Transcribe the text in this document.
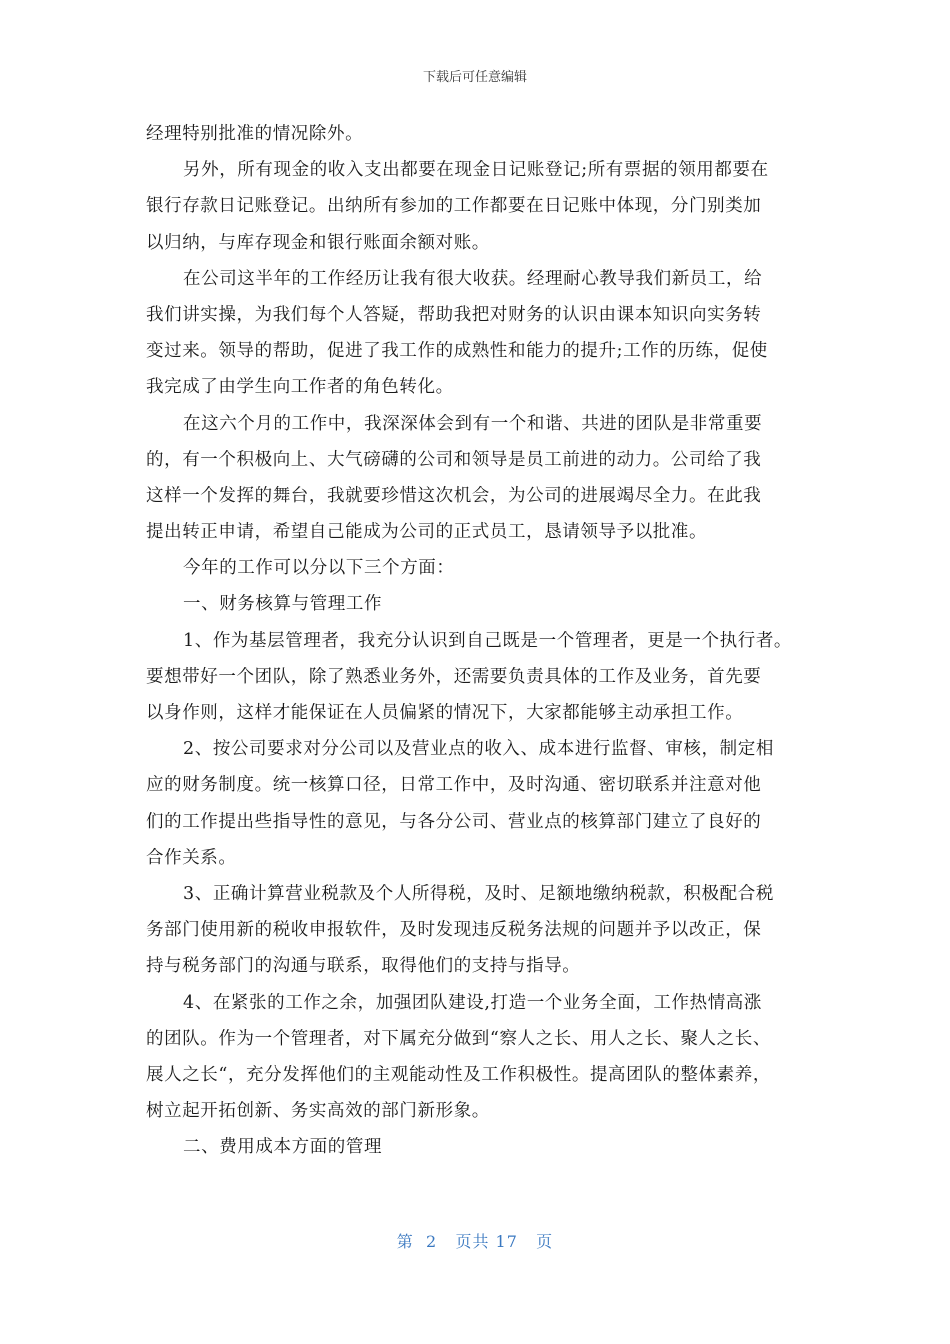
下载后可任意编辑
经理特别批准的情况除外。
另外，所有现金的收入支出都要在现金日记账登记;所有票据的领用都要在
银行存款日记账登记。出纳所有参加的工作都要在日记账中体现，分门别类加
以归纳，与库存现金和银行账面余额对账。
在公司这半年的工作经历让我有很大收获。经理耐心教导我们新员工，给
我们讲实操，为我们每个人答疑，帮助我把对财务的认识由课本知识向实务转
变过来。领导的帮助，促进了我工作的成熟性和能力的提升;工作的历练，促使
我完成了由学生向工作者的角色转化。
在这六个月的工作中，我深深体会到有一个和谐、共进的团队是非常重要
的，有一个积极向上、大气磅礴的公司和领导是员工前进的动力。公司给了我
这样一个发挥的舞台，我就要珍惜这次机会，为公司的进展竭尽全力。在此我
提出转正申请，希望自己能成为公司的正式员工，恳请领导予以批准。
今年的工作可以分以下三个方面：
一、财务核算与管理工作
1、作为基层管理者，我充分认识到自己既是一个管理者，更是一个执行者。
要想带好一个团队，除了熟悉业务外，还需要负责具体的工作及业务，首先要
以身作则，这样才能保证在人员偏紧的情况下，大家都能够主动承担工作。
2、按公司要求对分公司以及营业点的收入、成本进行监督、审核，制定相
应的财务制度。统一核算口径，日常工作中，及时沟通、密切联系并注意对他
们的工作提出些指导性的意见，与各分公司、营业点的核算部门建立了良好的
合作关系。
3、正确计算营业税款及个人所得税，及时、足额地缴纳税款，积极配合税
务部门使用新的税收申报软件，及时发现违反税务法规的问题并予以改正，保
持与税务部门的沟通与联系，取得他们的支持与指导。
4、在紧张的工作之余，加强团队建设,打造一个业务全面，工作热情高涨
的团队。作为一个管理者，对下属充分做到“察人之长、用人之长、聚人之长、
展人之长“，充分发挥他们的主观能动性及工作积极性。提高团队的整体素养，
树立起开拓创新、务实高效的部门新形象。
二、费用成本方面的管理
第 2 页共 17 页
